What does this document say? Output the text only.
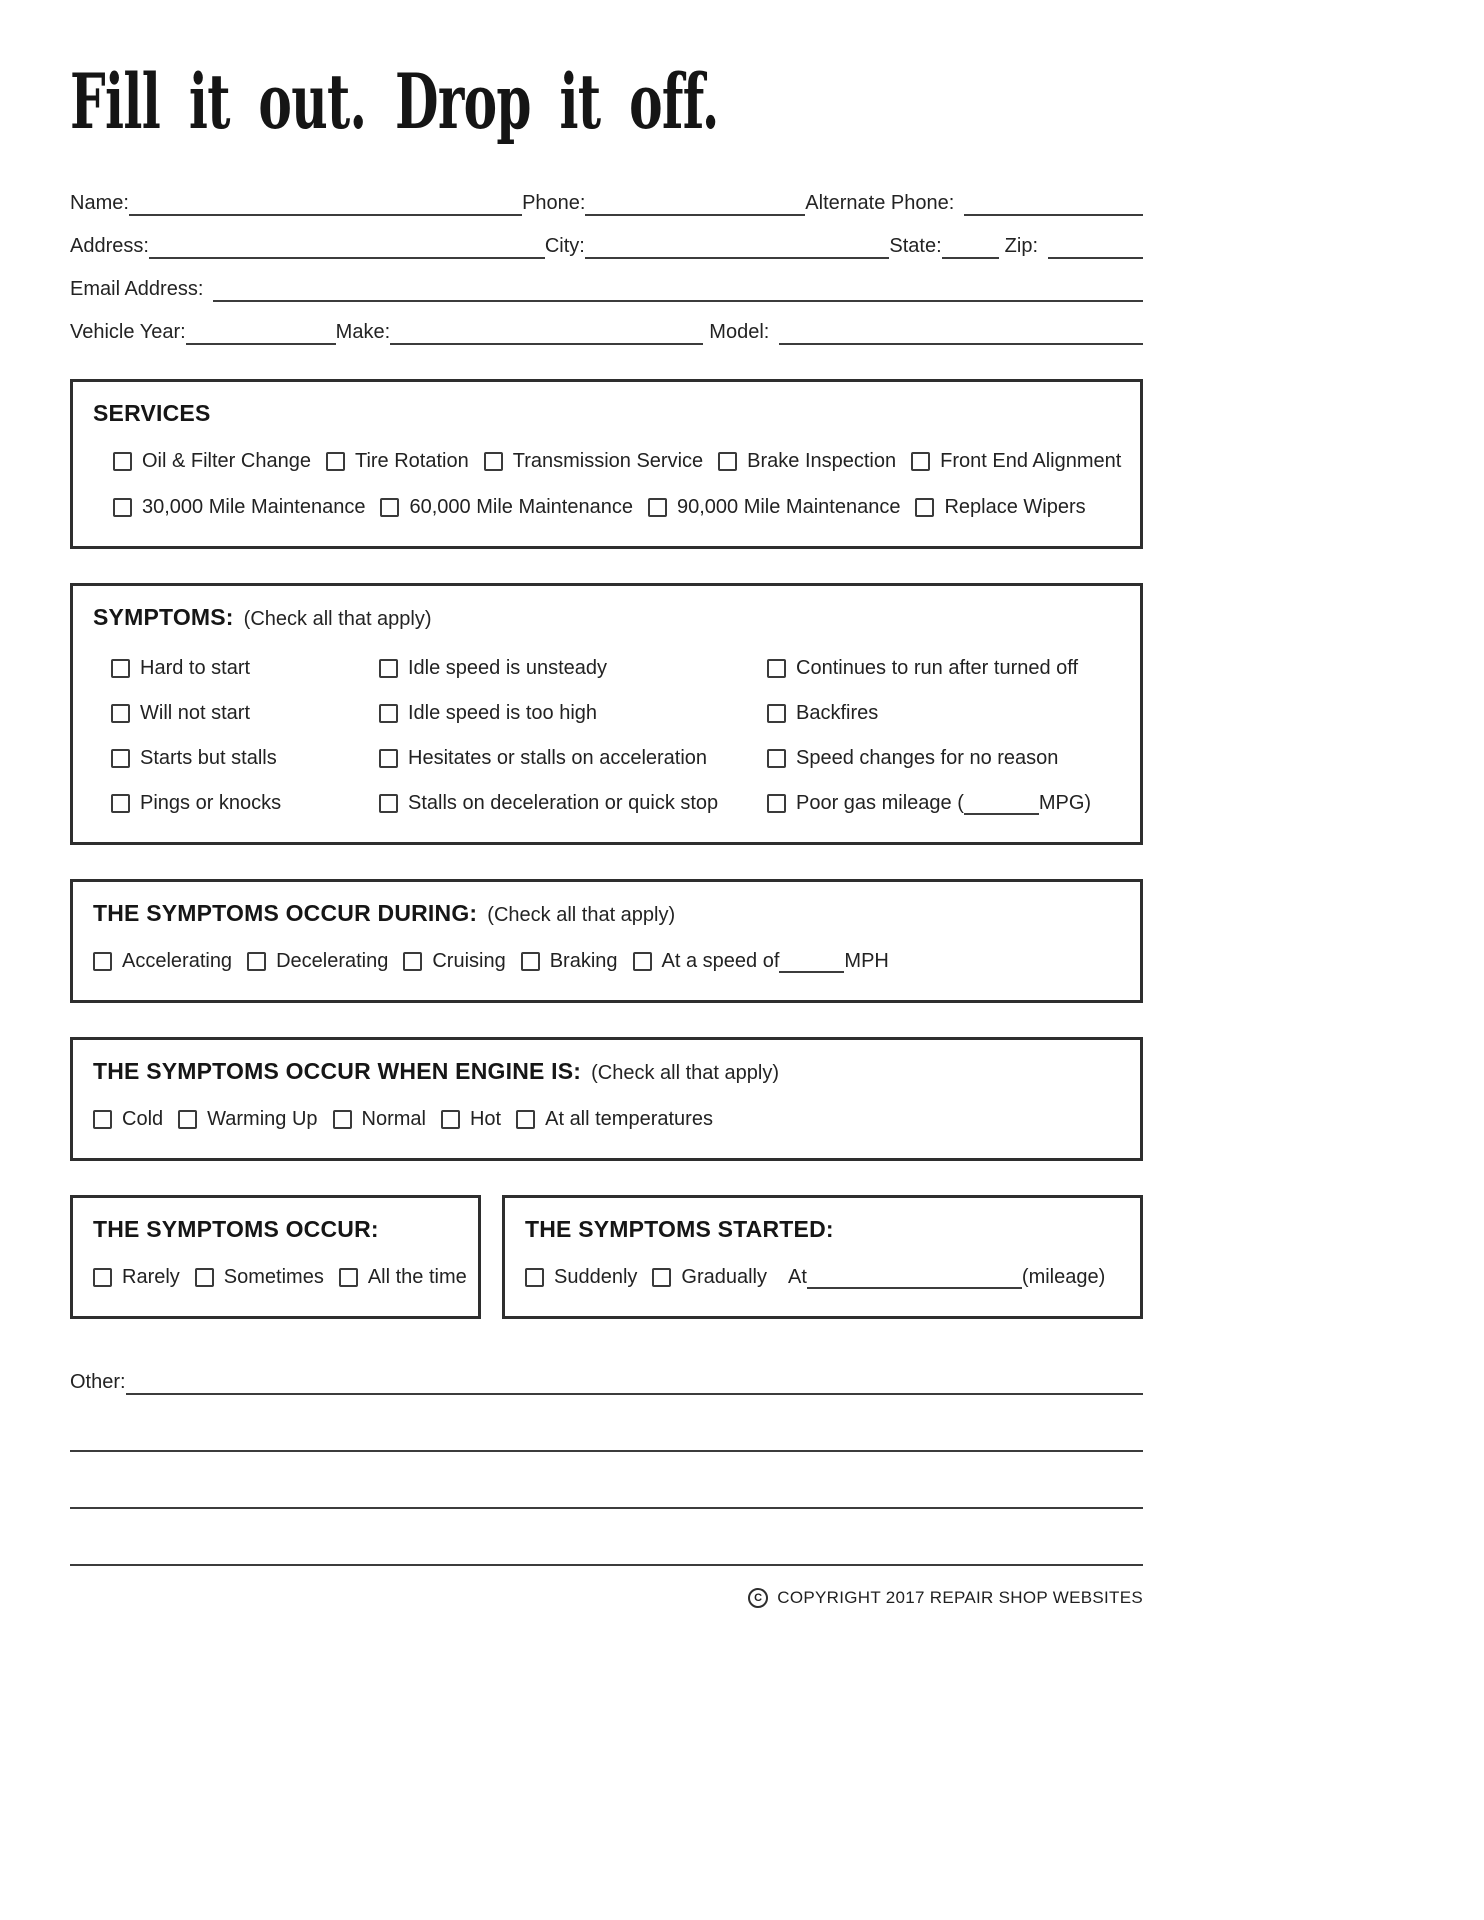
Fill it out. Drop it off.
Name:	Phone:	Alternate Phone:
Address:	City:	State:	Zip:
Email Address:
Vehicle Year:	Make:	Model:
SERVICES
Oil & Filter Change Tire Rotation Transmission Service Brake Inspection Front End Alignment
30,000 Mile Maintenance 60,000 Mile Maintenance 90,000 Mile Maintenance Replace Wipers
SYMPTOMS: (Check all that apply)
Hard to start
Will not start
Starts but stalls
Pings or knocks
Idle speed is unsteady
Idle speed is too high
Hesitates or stalls on acceleration
Stalls on deceleration or quick stop
Continues to run after turned off
Backfires
Speed changes for no reason
Poor gas mileage (	MPG)
THE SYMPTOMS OCCUR DURING: (Check all that apply)
Accelerating Decelerating Cruising Braking At a speed of	MPH
THE SYMPTOMS OCCUR WHEN ENGINE IS: (Check all that apply)
Cold Warming Up Normal Hot At all temperatures
THE SYMPTOMS OCCUR:
Rarely Sometimes All the time
THE SYMPTOMS STARTED:
Suddenly Gradually At	(mileage)
Other:
C COPYRIGHT 2017 REPAIR SHOP WEBSITES
